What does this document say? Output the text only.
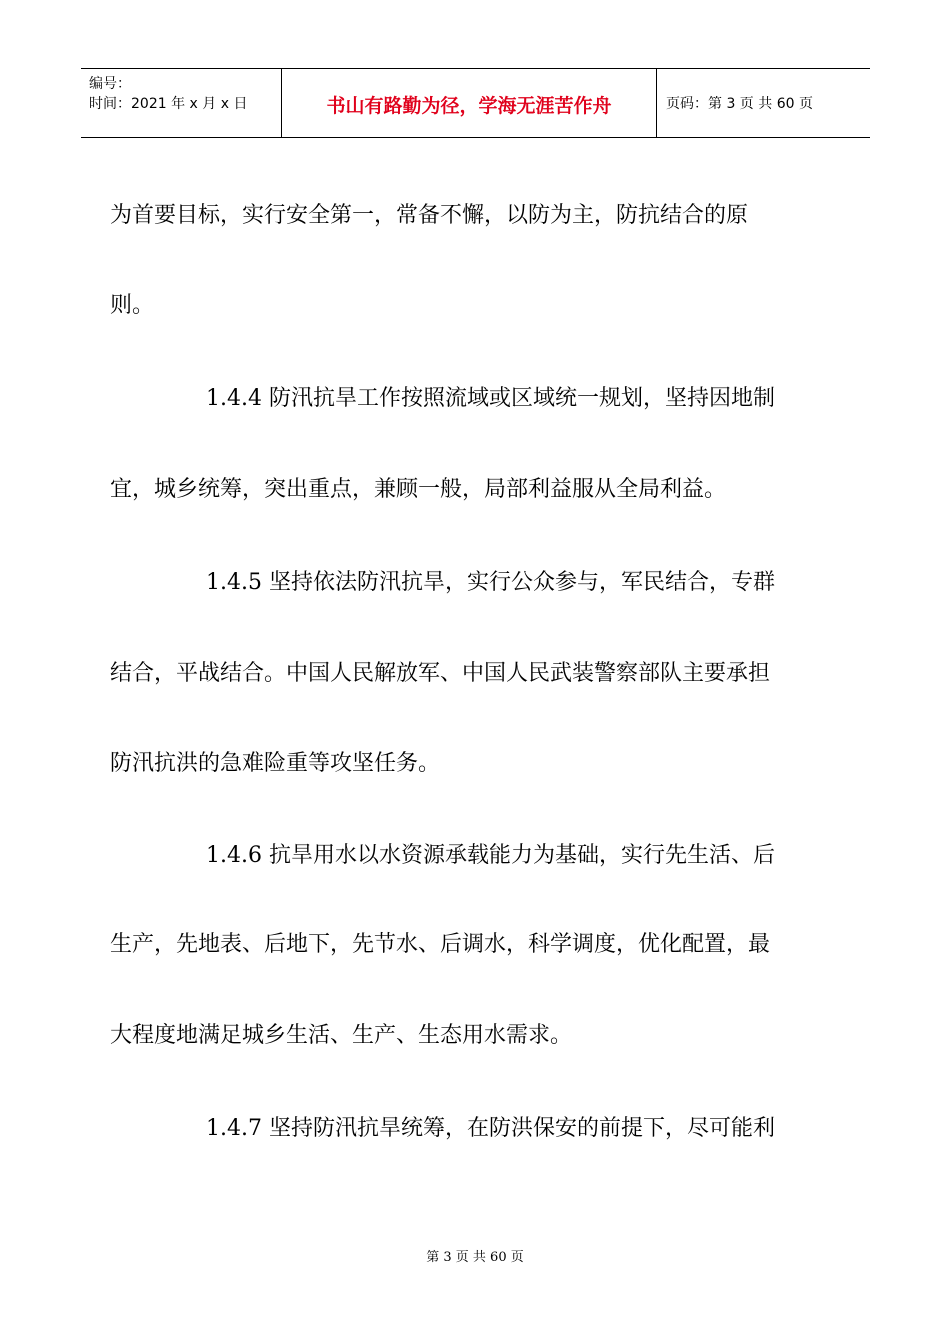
编号：
时间：2021 年 x 月 x 日	书山有路勤为径，学海无涯苦作舟	页码：第 3 页 共 60 页
为首要目标，实行安全第一，常备不懈，以防为主，防抗结合的原
则。
1.4.4 防汛抗旱工作按照流域或区域统一规划，坚持因地制
宜，城乡统筹，突出重点，兼顾一般，局部利益服从全局利益。
1.4.5 坚持依法防汛抗旱，实行公众参与，军民结合，专群
结合，平战结合。中国人民解放军、中国人民武装警察部队主要承担
防汛抗洪的急难险重等攻坚任务。
1.4.6 抗旱用水以水资源承载能力为基础，实行先生活、后
生产，先地表、后地下，先节水、后调水，科学调度，优化配置，最
大程度地满足城乡生活、生产、生态用水需求。
1.4.7 坚持防汛抗旱统筹，在防洪保安的前提下，尽可能利
第 3 页 共 60 页
